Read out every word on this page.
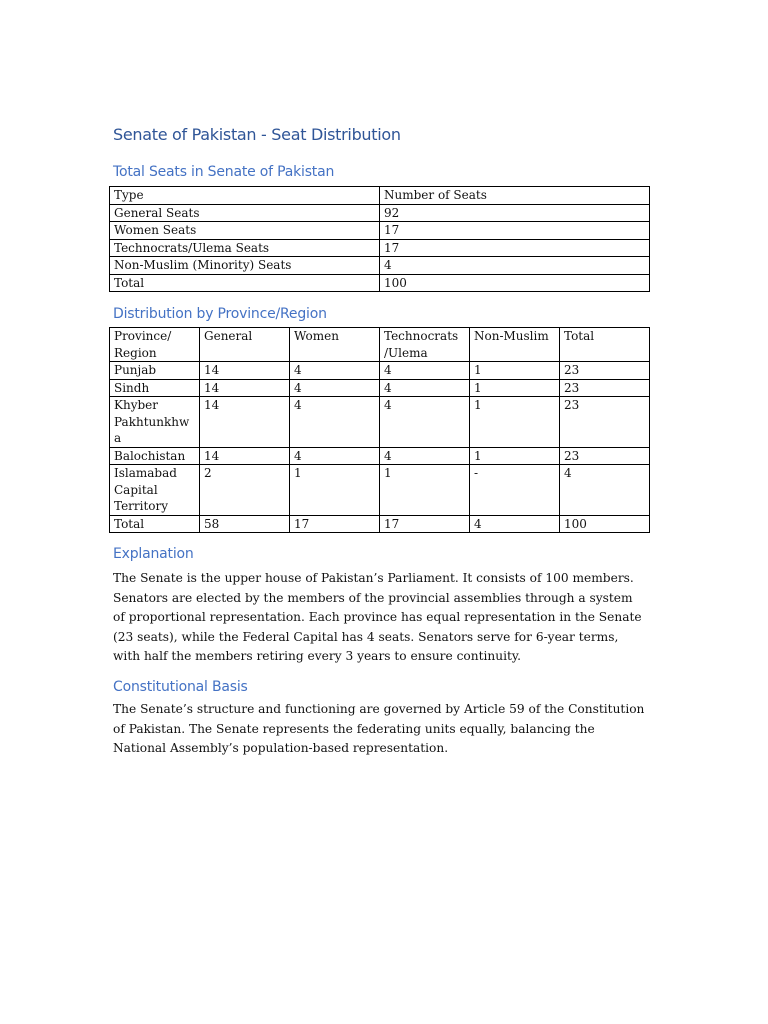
Senate of Pakistan - Seat Distribution
Total Seats in Senate of Pakistan
Type	Number of Seats
General Seats	92
Women Seats	17
Technocrats/Ulema Seats	17
Non-Muslim (Minority) Seats	4
Total	100
Distribution by Province/Region
Province/ Region	General	Women	Technocrats /Ulema	Non-Muslim	Total
Punjab	14	4	4	1	23
Sindh	14	4	4	1	23
Khyber Pakhtunkhwa	14	4	4	1	23
Balochistan	14	4	4	1	23
Islamabad Capital Territory	2	1	1	-	4
Total	58	17	17	4	100
Explanation

The Senate is the upper house of Pakistan’s Parliament. It consists of 100 members. Senators are elected by the members of the provincial assemblies through a system of proportional representation. Each province has equal representation in the Senate (23 seats), while the Federal Capital has 4 seats. Senators serve for 6-year terms, with half the members retiring every 3 years to ensure continuity.

Constitutional Basis

The Senate’s structure and functioning are governed by Article 59 of the Constitution of Pakistan. The Senate represents the federating units equally, balancing the National Assembly’s population-based representation.
